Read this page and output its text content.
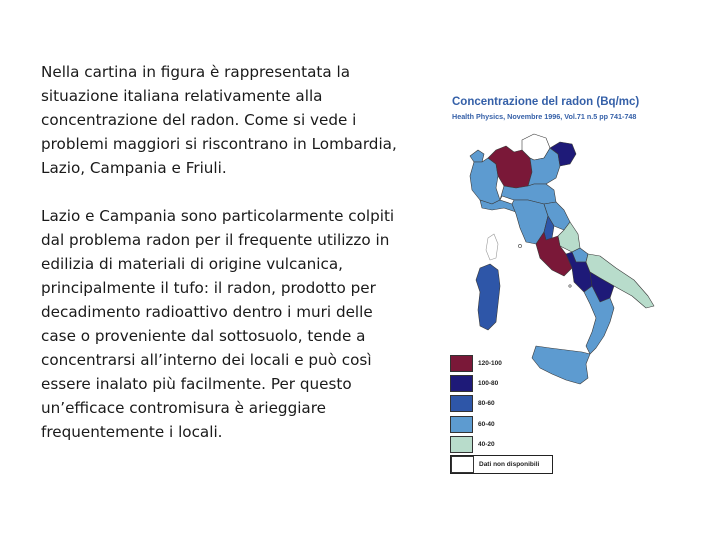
Nella cartina in figura è rappresentata la situazione italiana relativamente alla concentrazione del radon. Come si vede i problemi maggiori si riscontrano in Lombardia, Lazio, Campania e Friuli.

Lazio e Campania sono particolarmente colpiti dal problema radon per il frequente utilizzo in edilizia di materiali di origine vulcanica, principalmente il tufo: il radon, prodotto per decadimento radioattivo dentro i muri delle case o proveniente dal sottosuolo, tende a concentrarsi all’interno dei locali e può così essere inalato più facilmente. Per questo un’efficace contromisura è arieggiare frequentemente i locali.

Concentrazione del radon (Bq/mc)
Health Physics, Novembre 1996, Vol.71 n.5 pp 741-748
120-100
100-80
80-60
60-40
40-20
Dati non disponibili
